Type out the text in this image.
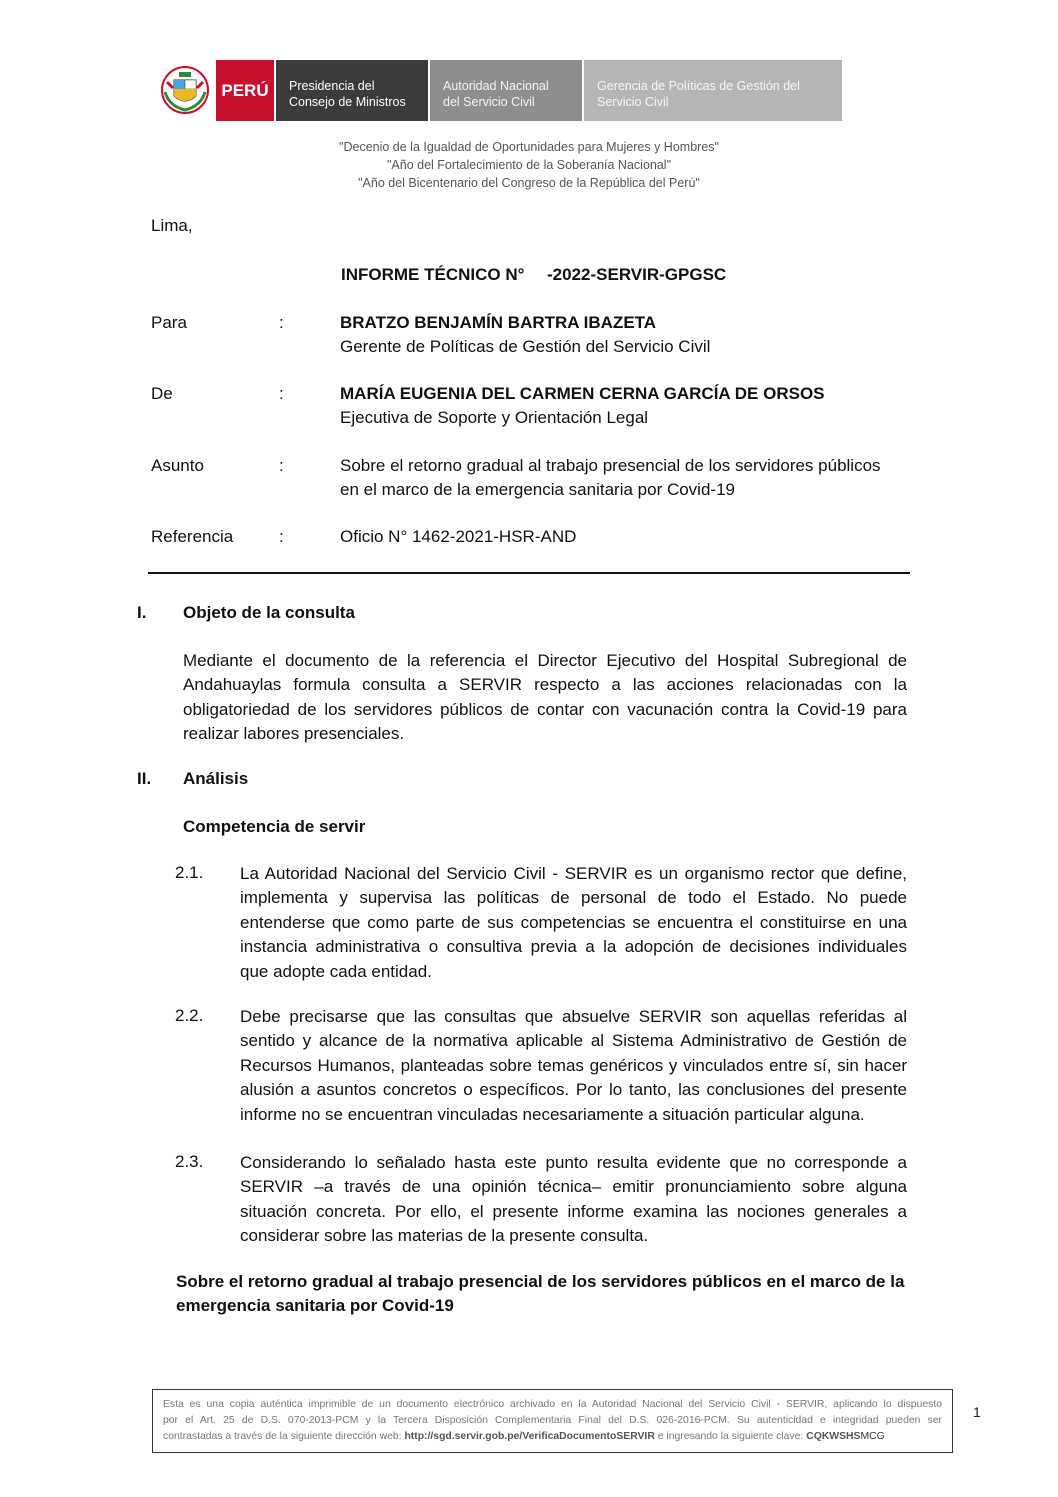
PERÚ	Presidencia del
Consejo de Ministros
Autoridad Nacional
del Servicio Civil
Gerencia de Políticas de Gestión del
Servicio Civil
"Decenio de la Igualdad de Oportunidades para Mujeres y Hombres"
"Año del Fortalecimiento de la Soberanía Nacional"
"Año del Bicentenario del Congreso de la República del Perú"
Lima,
INFORME TÉCNICO N° -2022-SERVIR-GPGSC
Para	:	BRATZO BENJAMÍN BARTRA IBAZETA
Gerente de Políticas de Gestión del Servicio Civil
De	:	MARÍA EUGENIA DEL CARMEN CERNA GARCÍA DE ORSOS
Ejecutiva de Soporte y Orientación Legal
Asunto	:	Sobre el retorno gradual al trabajo presencial de los servidores públicos
en el marco de la emergencia sanitaria por Covid-19
Referencia	:	Oficio N° 1462-2021-HSR-AND
I. Objeto de la consulta
Mediante el documento de la referencia el Director Ejecutivo del Hospital Subregional de
Andahuaylas formula consulta a SERVIR respecto a las acciones relacionadas con la
obligatoriedad de los servidores públicos de contar con vacunación contra la Covid-19 para
realizar labores presenciales.
II. Análisis
Competencia de servir
2.1. La Autoridad Nacional del Servicio Civil - SERVIR es un organismo rector que define,
implementa y supervisa las políticas de personal de todo el Estado. No puede
entenderse que como parte de sus competencias se encuentra el constituirse en una
instancia administrativa o consultiva previa a la adopción de decisiones individuales
que adopte cada entidad.
2.2. Debe precisarse que las consultas que absuelve SERVIR son aquellas referidas al
sentido y alcance de la normativa aplicable al Sistema Administrativo de Gestión de
Recursos Humanos, planteadas sobre temas genéricos y vinculados entre sí, sin hacer
alusión a asuntos concretos o específicos. Por lo tanto, las conclusiones del presente
informe no se encuentran vinculadas necesariamente a situación particular alguna.
2.3. Considerando lo señalado hasta este punto resulta evidente que no corresponde a
SERVIR –a través de una opinión técnica– emitir pronunciamiento sobre alguna
situación concreta. Por ello, el presente informe examina las nociones generales a
considerar sobre las materias de la presente consulta.
Sobre el retorno gradual al trabajo presencial de los servidores públicos en el marco de la
emergencia sanitaria por Covid-19
Esta es una copia auténtica imprimible de un documento electrónico archivado en la Autoridad Nacional del Servicio Civil - SERVIR, aplicando lo dispuesto
por el Art. 25 de D.S. 070-2013-PCM y la Tercera Disposición Complementaria Final del D.S. 026-2016-PCM. Su autenticidad e integridad pueden ser
contrastadas a través de la siguiente dirección web: http://sgd.servir.gob.pe/VerificaDocumentoSERVIR e ingresando la siguiente clave: CQKWSHSMCG
1
